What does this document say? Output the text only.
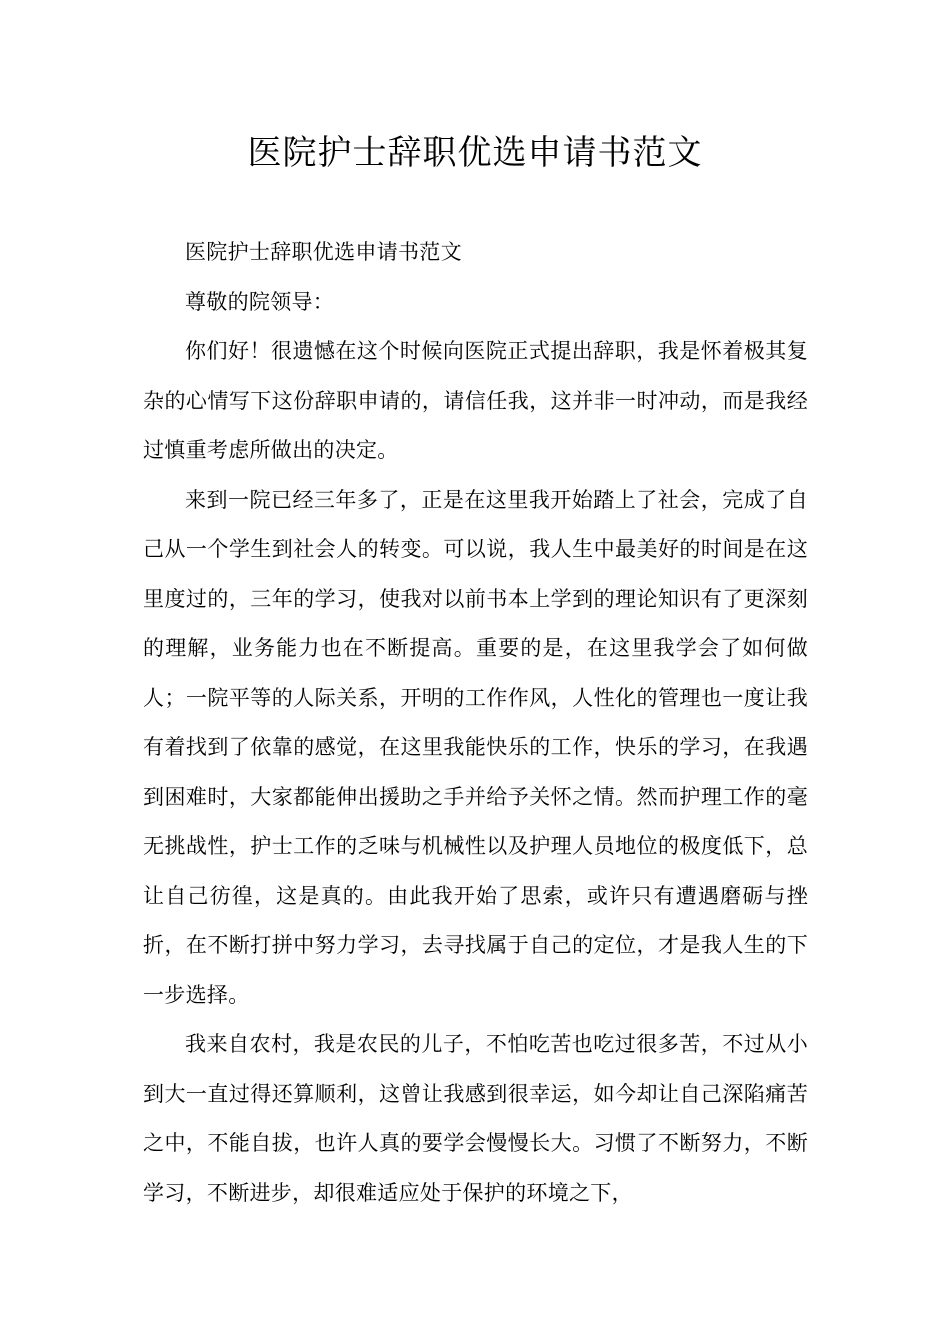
医院护士辞职优选申请书范文

医院护士辞职优选申请书范文

尊敬的院领导：

你们好！很遗憾在这个时候向医院正式提出辞职，我是怀着极其复杂的心情写下这份辞职申请的，请信任我，这并非一时冲动，而是我经过慎重考虑所做出的决定。

来到一院已经三年多了，正是在这里我开始踏上了社会，完成了自己从一个学生到社会人的转变。可以说，我人生中最美好的时间是在这里度过的，三年的学习，使我对以前书本上学到的理论知识有了更深刻的理解，业务能力也在不断提高。重要的是，在这里我学会了如何做人；一院平等的人际关系，开明的工作作风，人性化的管理也一度让我有着找到了依靠的感觉，在这里我能快乐的工作，快乐的学习，在我遇到困难时，大家都能伸出援助之手并给予关怀之情。然而护理工作的毫无挑战性，护士工作的乏味与机械性以及护理人员地位的极度低下，总让自己彷徨，这是真的。由此我开始了思索，或许只有遭遇磨砺与挫折，在不断打拼中努力学习，去寻找属于自己的定位，才是我人生的下一步选择。

我来自农村，我是农民的儿子，不怕吃苦也吃过很多苦，不过从小到大一直过得还算顺利，这曾让我感到很幸运，如今却让自己深陷痛苦之中，不能自拔，也许人真的要学会慢慢长大。习惯了不断努力，不断学习，不断进步，却很难适应处于保护的环境之下，
